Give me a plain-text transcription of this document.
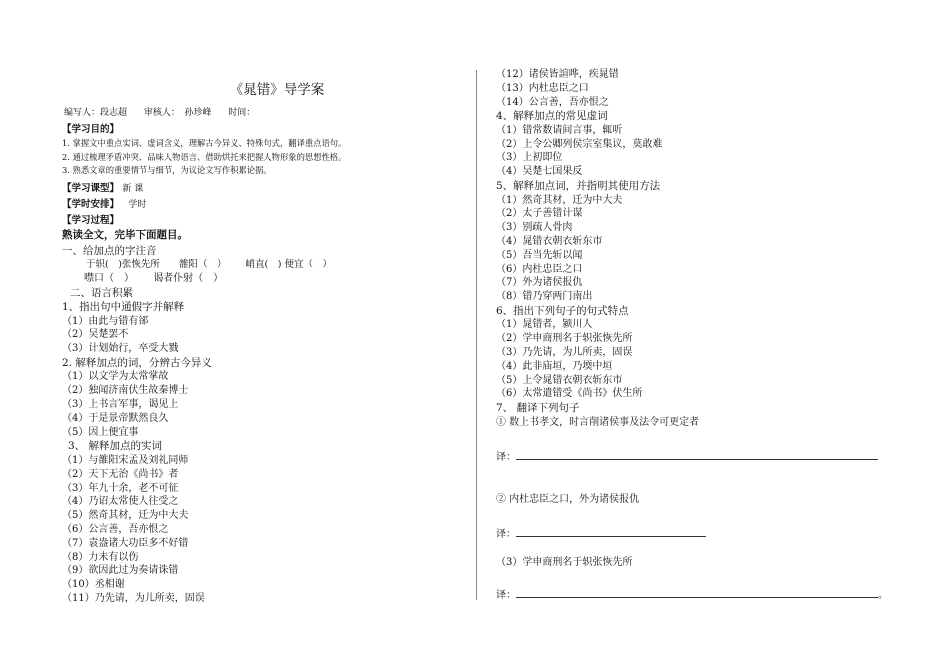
《晁错》导学案
编写人：段志超 审核人：　孙珍峰 时间：
【学习目的】

1. 掌握文中重点实词、虚词含义，理解古今异义、特殊句式，翻译重点语句。

2. 通过梳理矛盾冲突、品味人物语言、借助烘托来把握人物形象的思想性格。

3. 熟悉文章的重要情节与细节，为议论文写作积累论据。

【学习课型】 新 课
【学时安排】 学时
【学习过程】
熟读全文，完毕下面题目。

一、给加点的字注音

于轵(　)张恢先所 雒阳（　） 峭直(　) 便宜（　）

噤口（　） 谒者仆射（　）

二、语言积累

1、指出句中通假字并解释

（1）由此与错有郤

（2）吴楚罢不

（3）计划始行，卒受大戮

2. 解释加点的词，分辨古今异义

（1）以文学为太常掌故

（2）独闻济南伏生故秦博士

（3）上书言军事，谒见上

（4）于是景帝默然良久

（5）因上便宜事

3、 解释加点的实词

（1）与雒阳宋孟及刘礼同师

（2）天下无治《尚书》者

（3）年九十余，老不可征

（4）乃诏太常使人往受之

（5）然奇其材，迁为中大夫

（6）公言善，吾亦恨之

（7）袁盎诸大功臣多不好错

（8）力未有以伤

（9）欲因此过为奏请诛错

（10）丞相谢

（11）乃先请，为儿所卖，固误

（12）诸侯皆諠哗，疾晁错

（13）内杜忠臣之口

（14）公言善，吾亦恨之

4、解释加点的常见虚词

（1）错常数请间言事，辄听

（2）上令公卿列侯宗室集议，莫敢难

（3）上初即位

（4）吴楚七国果反

5、解释加点词，并指明其使用方法

（1）然奇其材，迁为中大夫

（2）太子善错计谋

（3）别疏人骨肉

（4）晁错衣朝衣斩东市

（5）吾当先斩以闻

（6）内杜忠臣之口

（7）外为诸侯报仇

（8）错乃穿两门南出

6、指出下列句子的句式特点

（1）晁错者，颍川人

（2）学申商刑名于轵张恢先所

（3）乃先请，为儿所卖，固误

（4）此非庙垣，乃堧中垣

（5）上令晁错衣朝衣斩东市

（6）太常遣错受《尚书》伏生所

7、 翻译下列句子

① 数上书孝文，时言削诸侯事及法令可更定者

译：

② 内杜忠臣之口，外为诸侯报仇

译：

（3）学申商刑名于轵张恢先所

译：	。
